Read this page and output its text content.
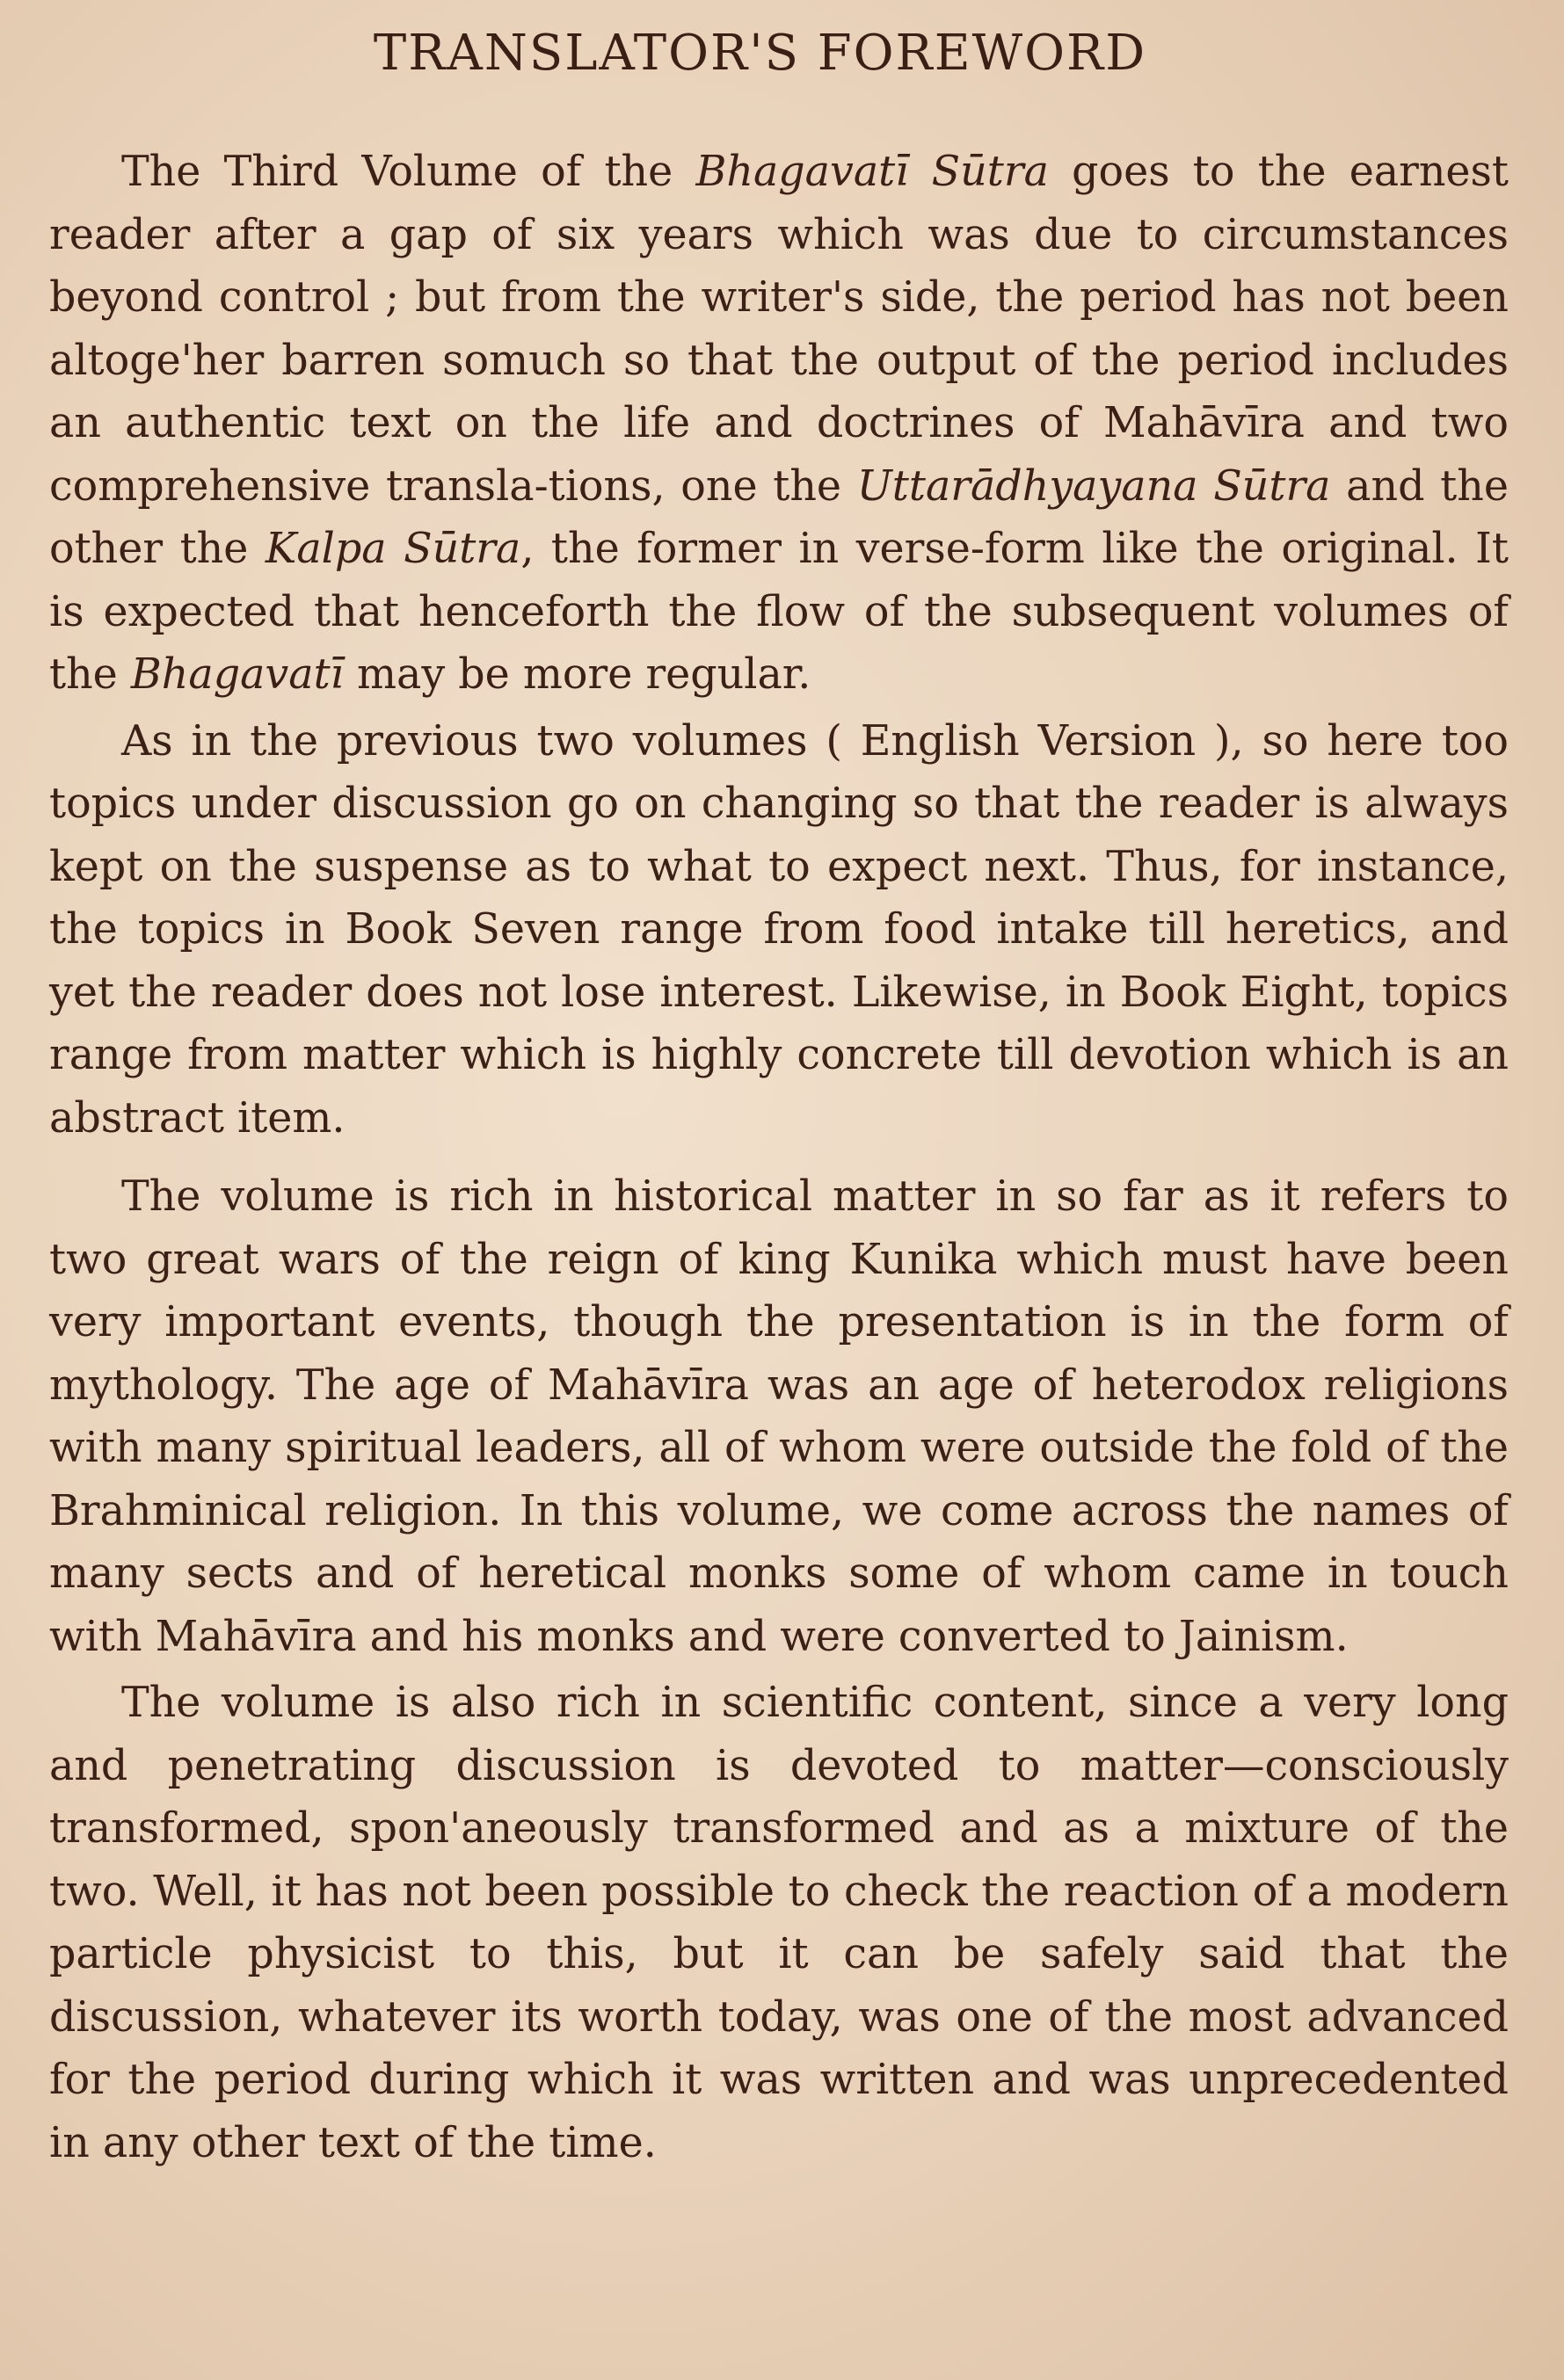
TRANSLATOR'S FOREWORD

The Third Volume of the Bhagavatī Sūtra goes to the earnest reader after a gap of six years which was due to circumstances beyond control ; but from the writer's side, the period has not been altoge'her barren somuch so that the output of the period includes an authentic text on the life and doctrines of Mahāvīra and two comprehensive transla-tions, one the Uttarādhyayana Sūtra and the other the Kalpa Sūtra, the former in verse-form like the original. It is expected that henceforth the flow of the subsequent volumes of the Bhagavatī may be more regular.

As in the previous two volumes ( English Version ), so here too topics under discussion go on changing so that the reader is always kept on the suspense as to what to expect next. Thus, for instance, the topics in Book Seven range from food intake till heretics, and yet the reader does not lose interest. Likewise, in Book Eight, topics range from matter which is highly concrete till devotion which is an abstract item.

The volume is rich in historical matter in so far as it refers to two great wars of the reign of king Kunika which must have been very important events, though the presentation is in the form of mythology. The age of Mahāvīra was an age of heterodox religions with many spiritual leaders, all of whom were outside the fold of the Brahminical religion. In this volume, we come across the names of many sects and of heretical monks some of whom came in touch with Mahāvīra and his monks and were converted to Jainism.

The volume is also rich in scientific content, since a very long and penetrating discussion is devoted to matter—consciously transformed, spon'aneously transformed and as a mixture of the two. Well, it has not been possible to check the reaction of a modern particle physicist to this, but it can be safely said that the discussion, whatever its worth today, was one of the most advanced for the period during which it was written and was unprecedented in any other text of the time.
